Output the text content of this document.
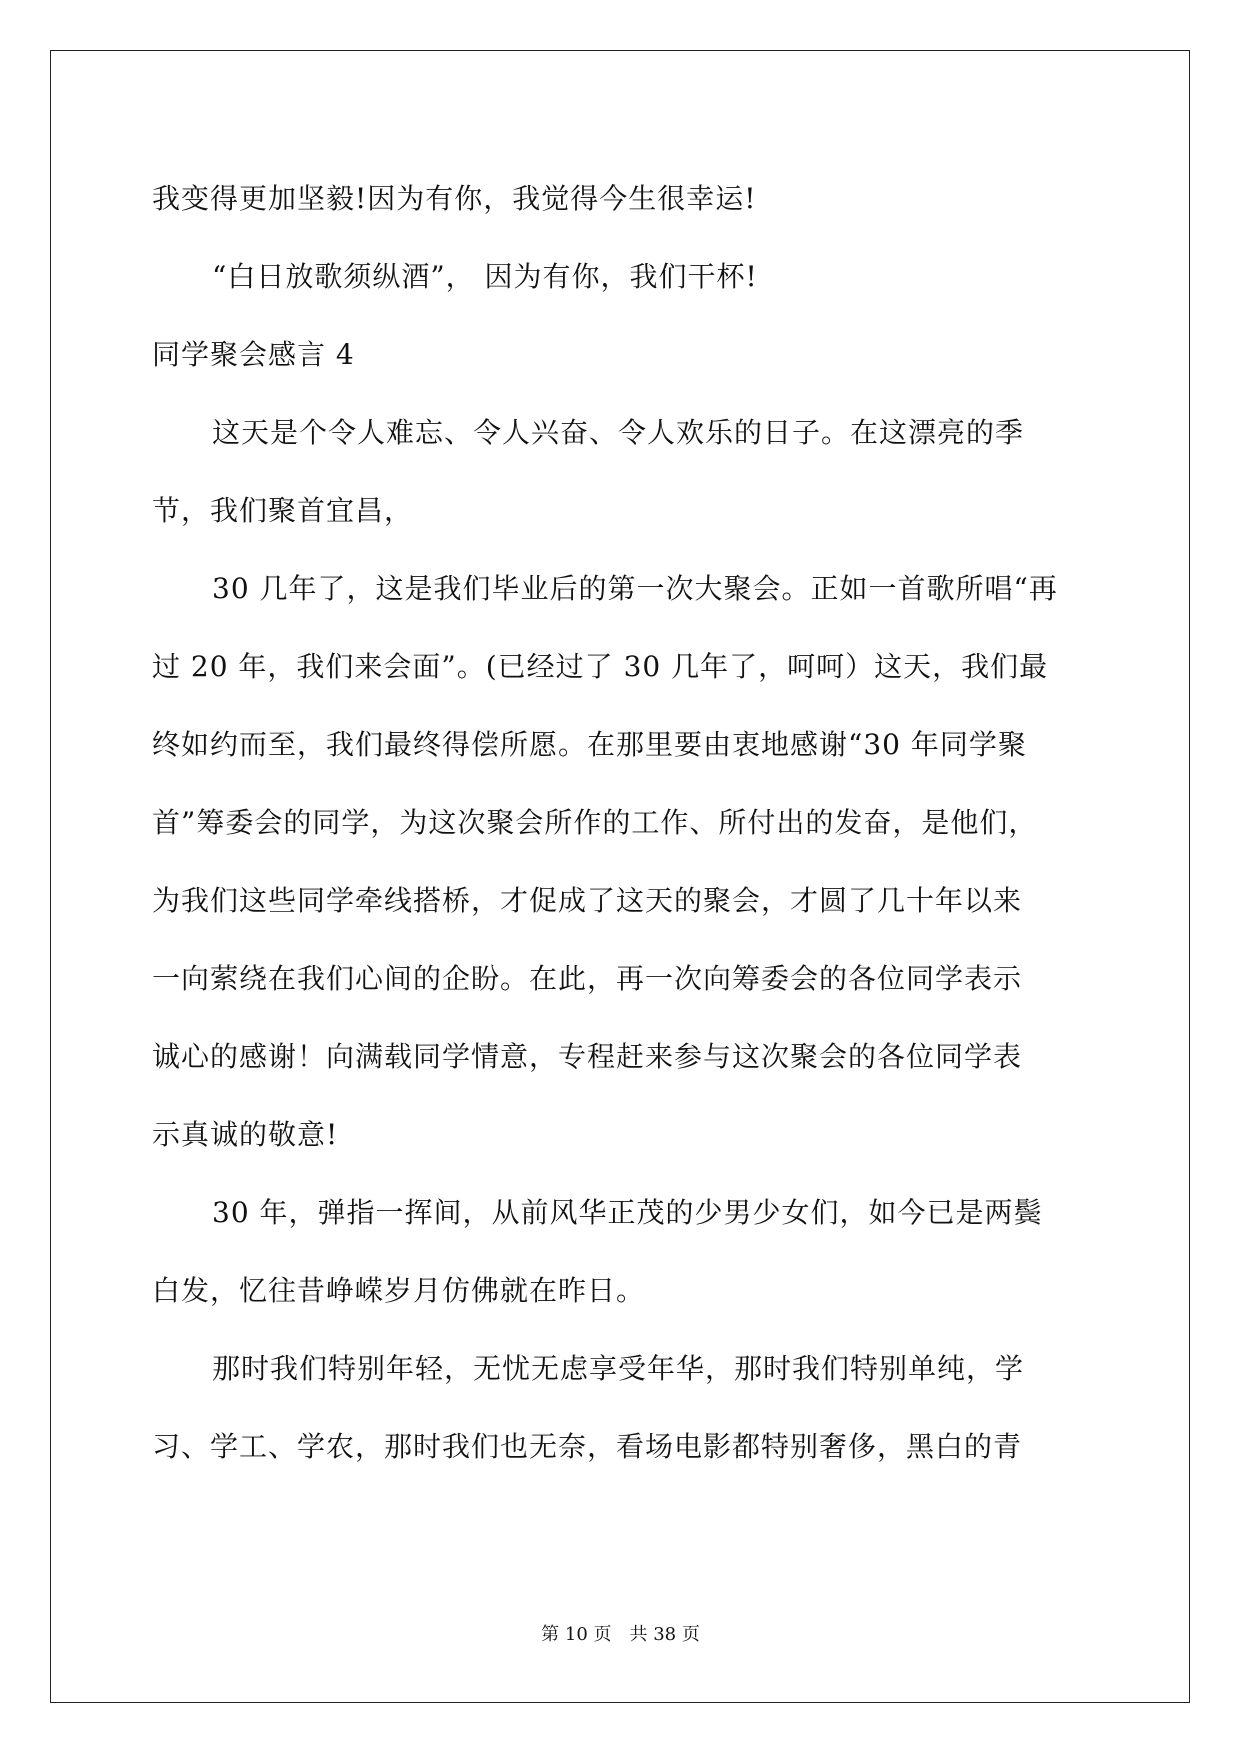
我变得更加坚毅!因为有你，我觉得今生很幸运!
“白日放歌须纵酒”， 因为有你，我们干杯!
同学聚会感言 4
这天是个令人难忘、令人兴奋、令人欢乐的日子。在这漂亮的季
节，我们聚首宜昌，
30 几年了，这是我们毕业后的第一次大聚会。正如一首歌所唱“再
过 20 年，我们来会面”。(已经过了 30 几年了，呵呵）这天，我们最
终如约而至，我们最终得偿所愿。在那里要由衷地感谢“30 年同学聚
首”筹委会的同学，为这次聚会所作的工作、所付出的发奋，是他们，
为我们这些同学牵线搭桥，才促成了这天的聚会，才圆了几十年以来
一向萦绕在我们心间的企盼。在此，再一次向筹委会的各位同学表示
诚心的感谢！向满载同学情意，专程赶来参与这次聚会的各位同学表
示真诚的敬意!
30 年，弹指一挥间，从前风华正茂的少男少女们，如今已是两鬓
白发，忆往昔峥嵘岁月仿佛就在昨日。
那时我们特别年轻，无忧无虑享受年华，那时我们特别单纯，学
习、学工、学农，那时我们也无奈，看场电影都特别奢侈，黑白的青
第 10 页　共 38 页
